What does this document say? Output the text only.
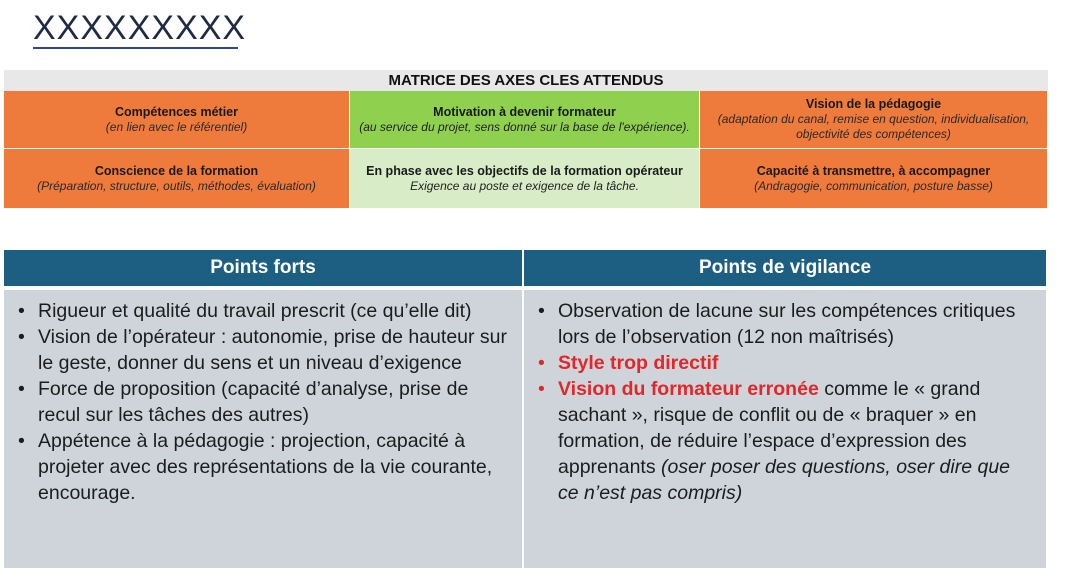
XXXXXXXXX
MATRICE DES AXES CLES ATTENDUS
Compétences métier
(en lien avec le référentiel)
Motivation à devenir formateur
(au service du projet, sens donné sur la base de l'expérience).
Vision de la pédagogie
(adaptation du canal, remise en question, individualisation, objectivité des compétences)
Conscience de la formation
(Préparation, structure, outils, méthodes, évaluation)
En phase avec les objectifs de la formation opérateur
Exigence au poste et exigence de la tâche.
Capacité à transmettre, à accompagner
(Andragogie, communication, posture basse)
Points forts	Points de vigilance
• Rigueur et qualité du travail prescrit (ce qu’elle dit)
• Vision de l’opérateur : autonomie, prise de hauteur sur le geste, donner du sens et un niveau d’exigence
• Force de proposition (capacité d’analyse, prise de recul sur les tâches des autres)
• Appétence à la pédagogie : projection, capacité à projeter avec des représentations de la vie courante, encourage.
• Observation de lacune sur les compétences critiques lors de l’observation (12 non maîtrisés)
• Style trop directif
• Vision du formateur erronée comme le « grand sachant », risque de conflit ou de « braquer » en formation, de réduire l’espace d’expression des apprenants (oser poser des questions, oser dire que ce n’est pas compris)
